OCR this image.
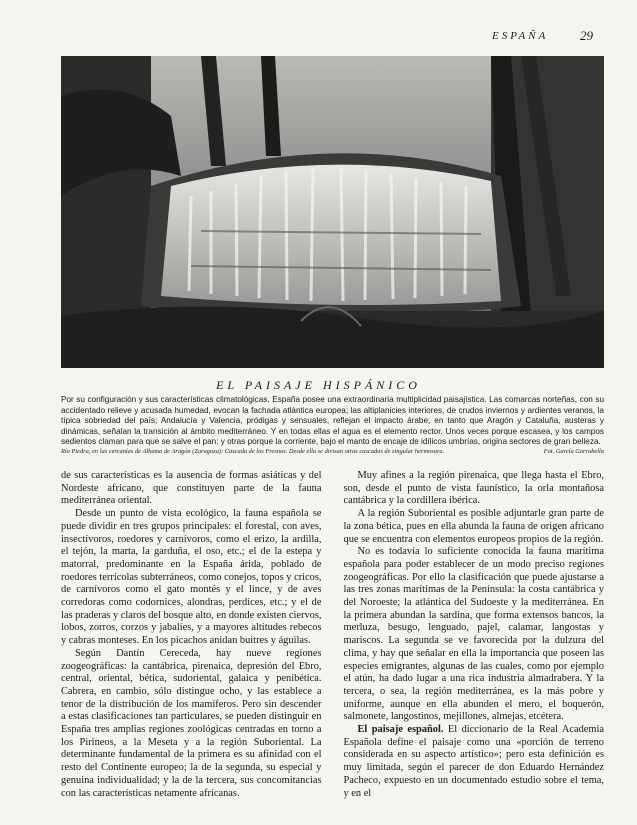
ESPAÑA 29
EL PAISAJE HISPÁNICO
Por su configuración y sus características climatológicas, España posee una extraordinaria multiplicidad paisajística. Las comarcas norteñas, con su accidentado relieve y acusada humedad, evocan la fachada atlántica europea; las altiplanicies interiores, de crudos inviernos y ardientes veranos, la típica sobriedad del país; Andalucía y Valencia, pródigas y sensuales, reflejan el impacto árabe; en tanto que Aragón y Cataluña, austeras y dinámicas, señalan la transición al ámbito mediterráneo. Y en todas ellas el agua es el elemento rector. Unos veces porque escasea, y los campos sedientos claman para que se salve el pan; y otras porque la corriente, bajo el manto de encaje de idílicos umbrías, origina sectores de gran belleza.
Río Piedra, en las cercanías de Alhama de Aragón (Zaragoza): Cascada de los Fresnos. Desde ella se divisan otras cascadas de singular hermosura.	Fot. García Garrabella

de sus características es la ausencia de formas asiáticas y del Nordeste africano, que constituyen parte de la fauna mediterránea oriental.

Desde un punto de vista ecológico, la fauna española se puede dividir en tres grupos principales: el forestal, con aves, insectívoros, roedores y carnívoros, como el erizo, la ardilla, el tejón, la marta, la garduña, el oso, etc.; el de la estepa y matorral, predominante en la España árida, poblado de roedores terrícolas subterráneos, como conejos, topos y cricos, de carnívoros como el gato montés y el lince, y de aves corredoras como codornices, alondras, perdices, etc.; y el de las praderas y claros del bosque alto, en donde existen ciervos, lobos, zorros, corzos y jabalíes, y a mayores altitudes rebecos y cabras monteses. En los picachos anidan buitres y águilas.

Según Dantín Cereceda, hay nueve regiones zoogeográficas: la cantábrica, pirenaica, depresión del Ebro, central, oriental, bética, sudoriental, galaica y penibética. Cabrera, en cambio, sólo distingue ocho, y las establece a tenor de la distribución de los mamíferos. Pero sin descender a estas clasificaciones tan particulares, se pueden distinguir en España tres amplias regiones zoológicas centradas en torno a los Pirineos, a la Meseta y a la región Suboriental. La determinante fundamental de la primera es su afinidad con el resto del Continente europeo; la de la segunda, su especial y genuina individualidad; y la de la tercera, sus concomitancias con las características netamente africanas.

Muy afines a la región pirenaica, que llega hasta el Ebro, son, desde el punto de vista faunístico, la orla montañosa cantábrica y la cordillera ibérica.

A la región Suboriental es posible adjuntarle gran parte de la zona bética, pues en ella abunda la fauna de origen africano que se encuentra con elementos europeos propios de la región.

No es todavía lo suficiente conocida la fauna marítima española para poder establecer de un modo preciso regiones zoogeográficas. Por ello la clasificación que puede ajustarse a las tres zonas marítimas de la Península: la costa cantábrica y del Noroeste; la atlántica del Sudoeste y la mediterránea. En la primera abundan la sardina, que forma extensos bancos, la merluza, besugo, lenguado, pajel, calamar, langostas y mariscos. La segunda se ve favorecida por la dulzura del clima, y hay que señalar en ella la importancia que poseen las especies emigrantes, algunas de las cuales, como por ejemplo el atún, ha dado lugar a una rica industria almadrabera. Y la tercera, o sea, la región mediterránea, es la más pobre y uniforme, aunque en ella abunden el mero, el boquerón, salmonete, langostinos, mejillones, almejas, etcétera.

El paisaje español. El diccionario de la Real Academia Española define el paisaje como una «porción de terreno considerada en su aspecto artístico»; pero esta definición es muy limitada, según el parecer de don Eduardo Hernández Pacheco, expuesto en un documentado estudio sobre el tema, y en el
